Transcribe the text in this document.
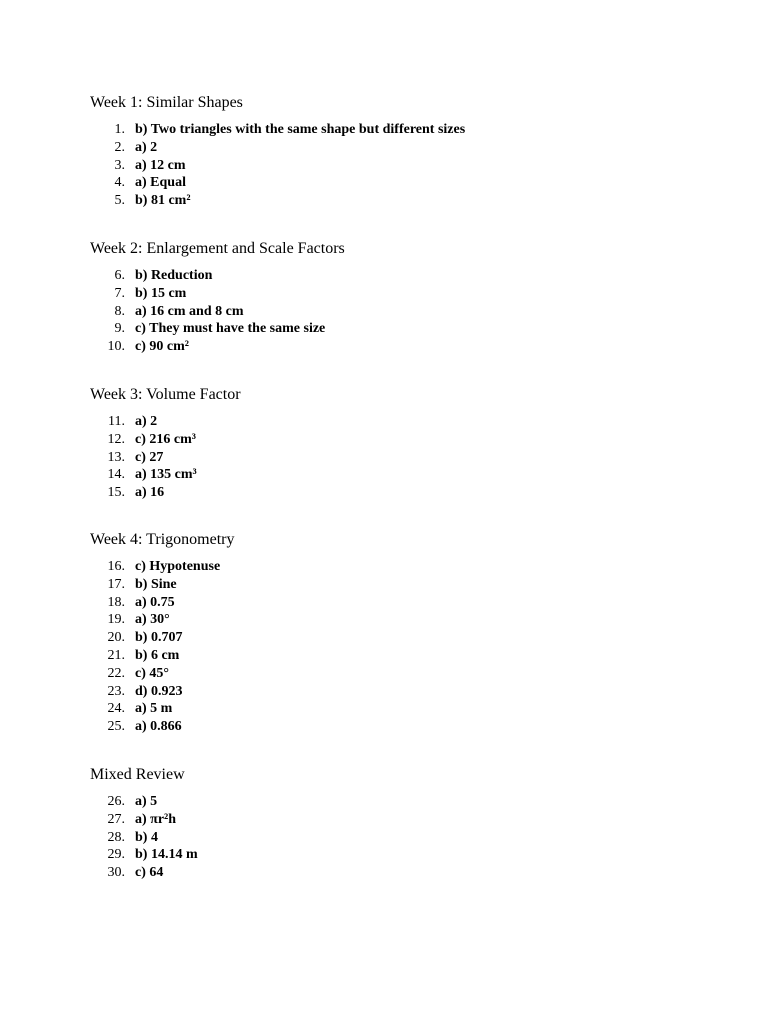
Week 1: Similar Shapes
1. b) Two triangles with the same shape but different sizes
2. a) 2
3. a) 12 cm
4. a) Equal
5. b) 81 cm²
Week 2: Enlargement and Scale Factors
6. b) Reduction
7. b) 15 cm
8. a) 16 cm and 8 cm
9. c) They must have the same size
10. c) 90 cm²
Week 3: Volume Factor
11. a) 2
12. c) 216 cm³
13. c) 27
14. a) 135 cm³
15. a) 16
Week 4: Trigonometry
16. c) Hypotenuse
17. b) Sine
18. a) 0.75
19. a) 30°
20. b) 0.707
21. b) 6 cm
22. c) 45°
23. d) 0.923
24. a) 5 m
25. a) 0.866
Mixed Review
26. a) 5
27. a) πr²h
28. b) 4
29. b) 14.14 m
30. c) 64
